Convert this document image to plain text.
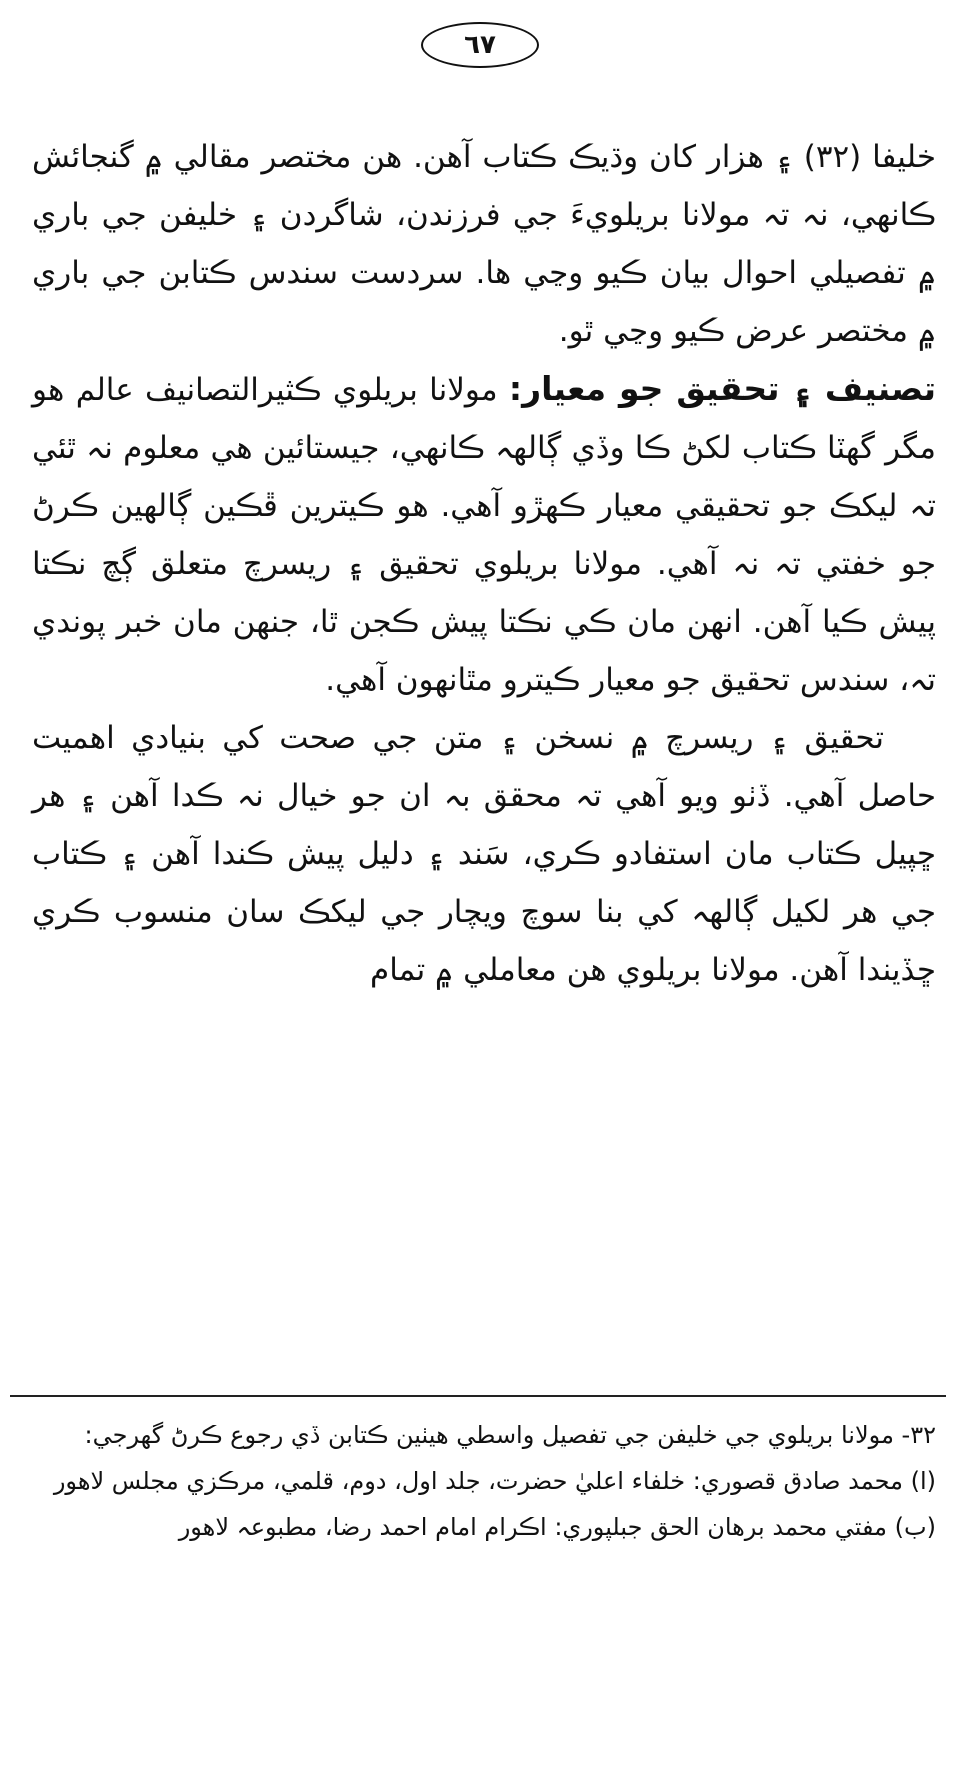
٦٧

خليفا (٣٢) ۽ هزار کان وڌيڪ ڪتاب آهن. هن مختصر مقالي ۾ گنجائش ڪانهي، نہ تہ مولانا بريلويءَ جي فرزندن، شاگردن ۽ خليفن جي باري ۾ تفصيلي احوال بيان ڪيو وڃي ها. سردست سندس ڪتابن جي باري ۾ مختصر عرض ڪيو وڃي ٿو.

تصنيف ۽ تحقيق جو معيار: مولانا بريلوي ڪثيرالتصانيف عالم هو مگر گهٽا ڪتاب لکڻ ڪا وڏي ڳالهہ ڪانهي، جيستائين هي معلوم نہ ٿئي تہ ليکڪ جو تحقيقي معيار ڪهڙو آهي. هو ڪيترين ڦڪين ڳالهين ڪرڻ جو خفتي تہ نہ آهي. مولانا بريلوي تحقيق ۽ ريسرچ متعلق ڳچ نڪتا پيش ڪيا آهن. انهن مان ڪي نڪتا پيش ڪجن ٿا، جنهن مان خبر پوندي تہ، سندس تحقيق جو معيار ڪيترو مٿانهون آهي.

تحقيق ۽ ريسرچ ۾ نسخن ۽ متن جي صحت کي بنيادي اهميت حاصل آهي. ڏٺو ويو آهي تہ محقق بہ ان جو خيال نہ ڪدا آهن ۽ هر ڇپيل ڪتاب مان استفادو ڪري، سَند ۽ دليل پيش ڪندا آهن ۽ ڪتاب جي هر لکيل ڳالهہ کي بنا سوچ ويچار جي ليکڪ سان منسوب ڪري ڇڏيندا آهن. مولانا بريلوي هن معاملي ۾ تمام

٣٢- مولانا بريلوي جي خليفن جي تفصيل واسطي هيٺين ڪتابن ڏي رجوع ڪرڻ گهرجي:

(ا) محمد صادق قصوري: خلفاء اعليٰ حضرت، جلد اول، دوم، قلمي، مرڪزي مجلس لاهور

(ب) مفتي محمد برهان الحق جبلپوري: اڪرام امام احمد رضا، مطبوعہ لاهور
